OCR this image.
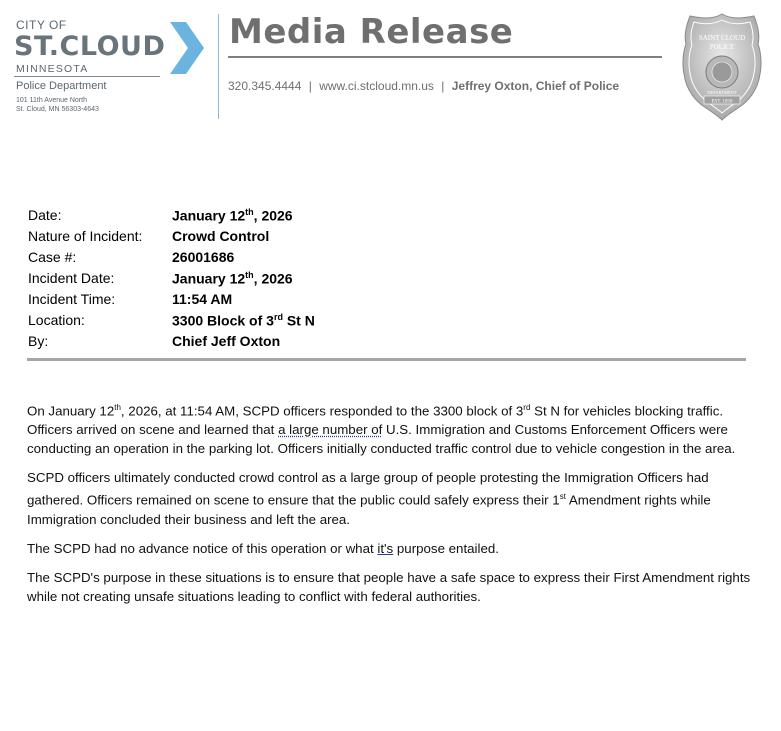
CITY OF
ST.CLOUD
MINNESOTA
Police Department
101 11th Avenue North
St. Cloud, MN 56303-4643
Media Release
320.345.4444 | www.ci.stcloud.mn.us | Jeffrey Oxton, Chief of Police
SAINT CLOUD
POLICE
DEPARTMENT
EST. 1858
Date:	January 12th, 2026
Nature of Incident: Crowd Control
Case #:	26001686
Incident Date:	January 12th, 2026
Incident Time:	11:54 AM
Location:	3300 Block of 3rd St N
By:	Chief Jeff Oxton

On January 12th, 2026, at 11:54 AM, SCPD officers responded to the 3300 block of 3rd St N for vehicles blocking traffic. Officers arrived on scene and learned that a large number of U.S. Immigration and Customs Enforcement Officers were conducting an operation in the parking lot. Officers initially conducted traffic control due to vehicle congestion in the area.

SCPD officers ultimately conducted crowd control as a large group of people protesting the Immigration Officers had gathered. Officers remained on scene to ensure that the public could safely express their 1st Amendment rights while Immigration concluded their business and left the area.

The SCPD had no advance notice of this operation or what it's purpose entailed.

The SCPD's purpose in these situations is to ensure that people have a safe space to express their First Amendment rights while not creating unsafe situations leading to conflict with federal authorities.
